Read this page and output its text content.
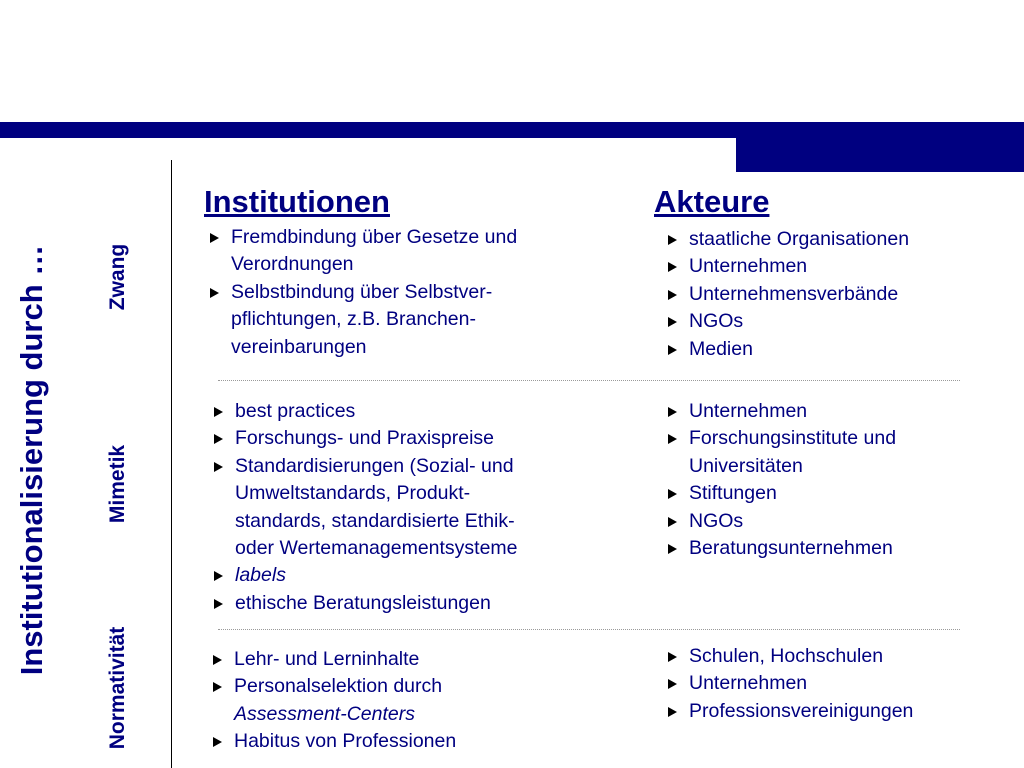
Institutionalisierung durch …	Zwang
Mimetik
Normativität
Institutionen	Akteure
Fremdbindung über Gesetze und
Verordnungen
Selbstbindung über Selbstver-
pflichtungen, z.B. Branchen-
vereinbarungen
staatliche Organisationen
Unternehmen
Unternehmensverbände
NGOs
Medien
best practices
Forschungs- und Praxispreise
Standardisierungen (Sozial- und
Umweltstandards, Produkt-
standards, standardisierte Ethik-
oder Wertemanagementsysteme
labels
ethische Beratungsleistungen
Unternehmen
Forschungsinstitute und
Universitäten
Stiftungen
NGOs
Beratungsunternehmen
Lehr- und Lerninhalte
Personalselektion durch
Assessment-Centers
Habitus von Professionen
Schulen, Hochschulen
Unternehmen
Professionsvereinigungen
